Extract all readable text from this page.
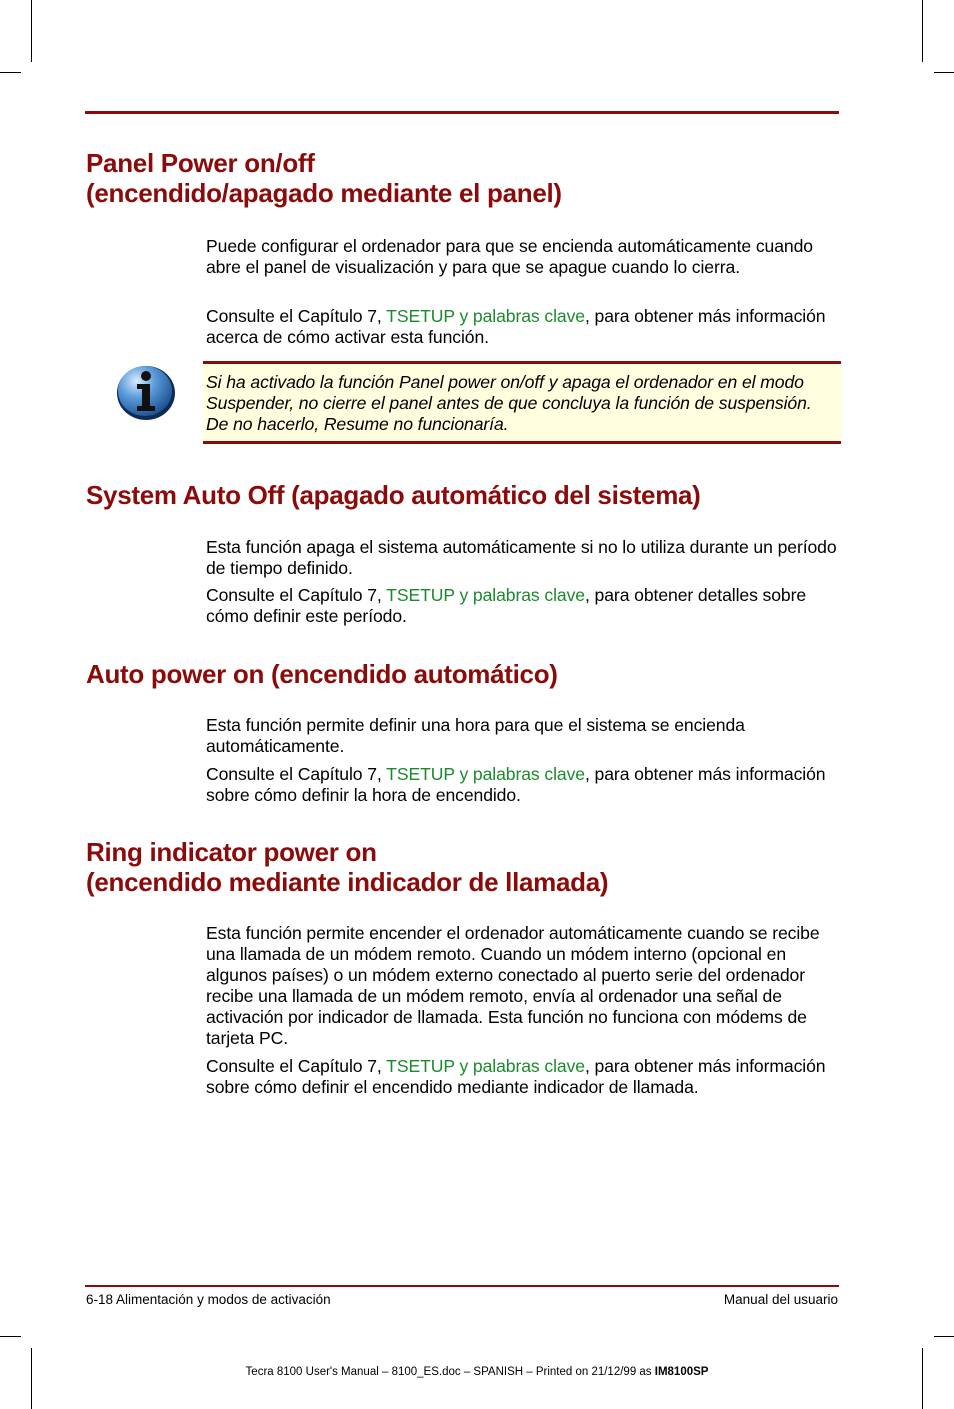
Panel Power on/off
(encendido/apagado mediante el panel)

Puede configurar el ordenador para que se encienda automáticamente cuando abre el panel de visualización y para que se apague cuando lo cierra.

Consulte el Capítulo 7, TSETUP y palabras clave, para obtener más información acerca de cómo activar esta función.

Si ha activado la función Panel power on/off y apaga el ordenador en el modo Suspender, no cierre el panel antes de que concluya la función de suspensión. De no hacerlo, Resume no funcionaría.

System Auto Off (apagado automático del sistema)

Esta función apaga el sistema automáticamente si no lo utiliza durante un período de tiempo definido.

Consulte el Capítulo 7, TSETUP y palabras clave, para obtener detalles sobre cómo definir este período.

Auto power on (encendido automático)

Esta función permite definir una hora para que el sistema se encienda automáticamente.

Consulte el Capítulo 7, TSETUP y palabras clave, para obtener más información sobre cómo definir la hora de encendido.

Ring indicator power on
(encendido mediante indicador de llamada)

Esta función permite encender el ordenador automáticamente cuando se recibe una llamada de un módem remoto. Cuando un módem interno (opcional en algunos países) o un módem externo conectado al puerto serie del ordenador recibe una llamada de un módem remoto, envía al ordenador una señal de activación por indicador de llamada. Esta función no funciona con módems de tarjeta PC.

Consulte el Capítulo 7, TSETUP y palabras clave, para obtener más información sobre cómo definir el encendido mediante indicador de llamada.

6-18 Alimentación y modos de activación	Manual del usuario
Tecra 8100 User's Manual – 8100_ES.doc – SPANISH – Printed on 21/12/99 as IM8100SP
